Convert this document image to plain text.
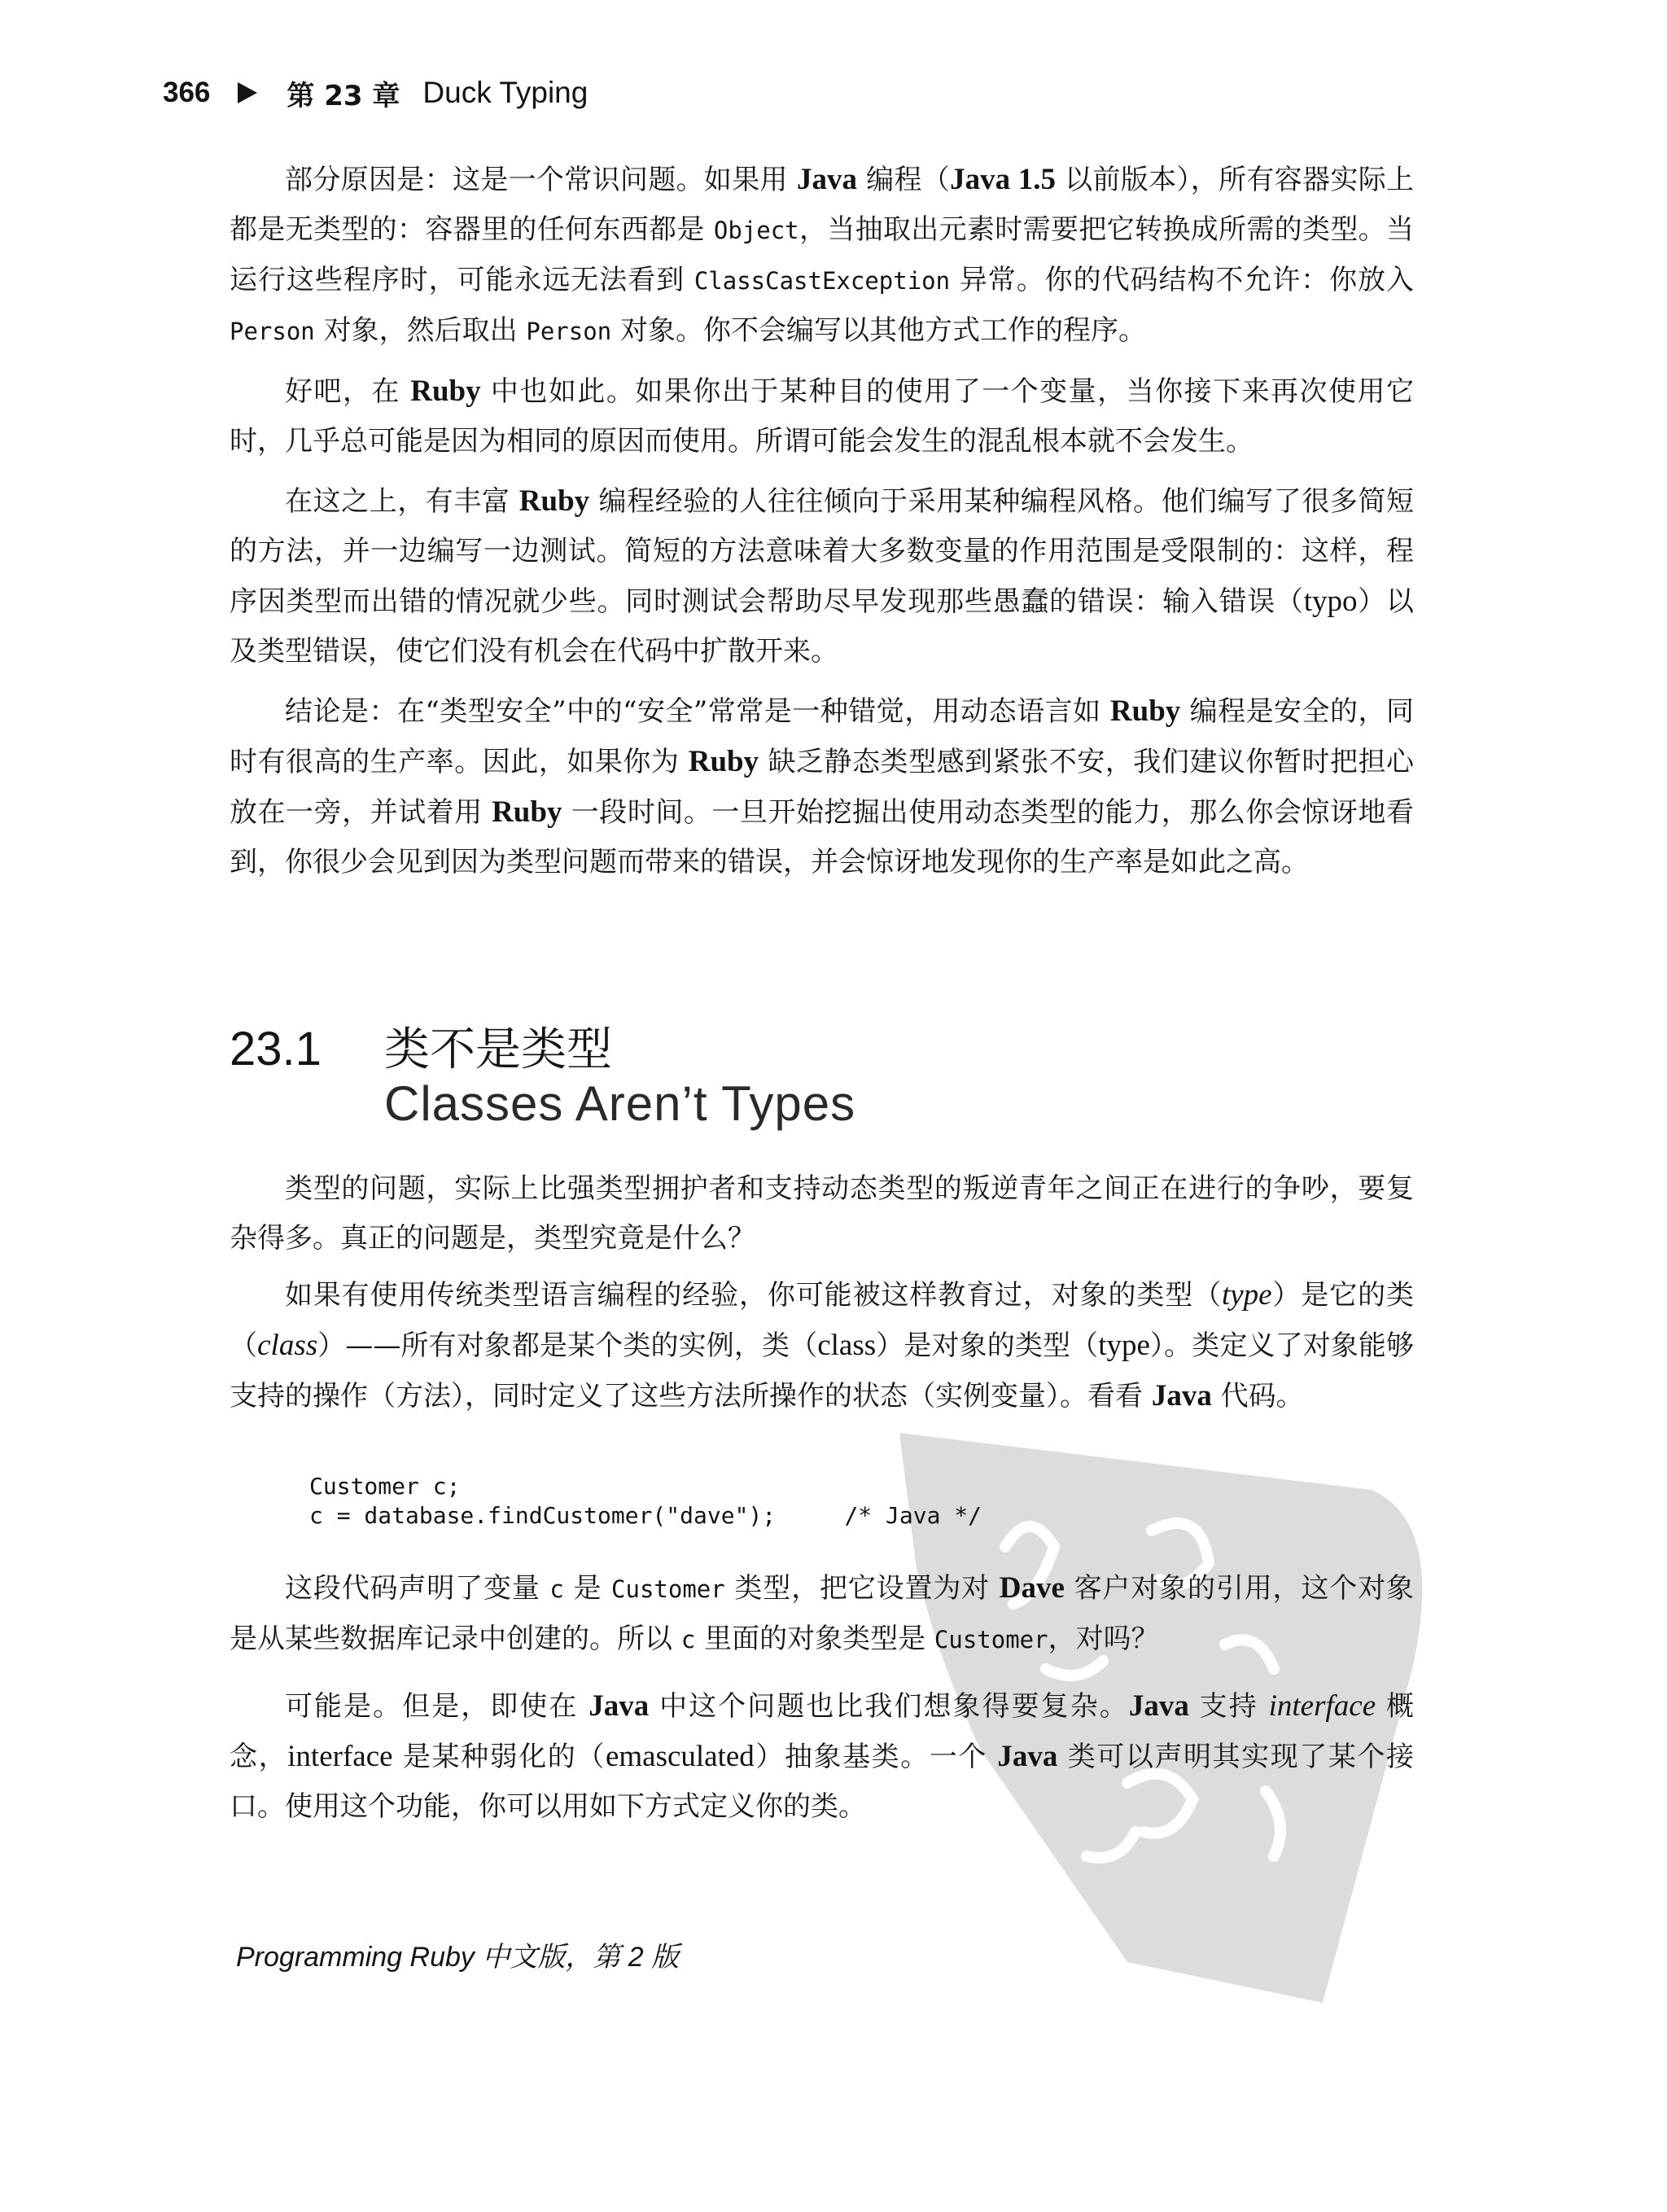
366	第 23 章 Duck Typing

部分原因是：这是一个常识问题。如果用 Java 编程（Java 1.5 以前版本），所有容器实际上都是无类型的：容器里的任何东西都是 Object，当抽取出元素时需要把它转换成所需的类型。当运行这些程序时，可能永远无法看到 ClassCastException 异常。你的代码结构不允许：你放入 Person 对象，然后取出 Person 对象。你不会编写以其他方式工作的程序。

好吧，在 Ruby 中也如此。如果你出于某种目的使用了一个变量，当你接下来再次使用它时，几乎总可能是因为相同的原因而使用。所谓可能会发生的混乱根本就不会发生。

在这之上，有丰富 Ruby 编程经验的人往往倾向于采用某种编程风格。他们编写了很多简短的方法，并一边编写一边测试。简短的方法意味着大多数变量的作用范围是受限制的：这样，程序因类型而出错的情况就少些。同时测试会帮助尽早发现那些愚蠢的错误：输入错误（typo）以及类型错误，使它们没有机会在代码中扩散开来。

结论是：在“类型安全”中的“安全”常常是一种错觉，用动态语言如 Ruby 编程是安全的，同时有很高的生产率。因此，如果你为 Ruby 缺乏静态类型感到紧张不安，我们建议你暂时把担心放在一旁，并试着用 Ruby 一段时间。一旦开始挖掘出使用动态类型的能力，那么你会惊讶地看到，你很少会见到因为类型问题而带来的错误，并会惊讶地发现你的生产率是如此之高。

23.1	类不是类型
Classes Aren’t Types

类型的问题，实际上比强类型拥护者和支持动态类型的叛逆青年之间正在进行的争吵，要复杂得多。真正的问题是，类型究竟是什么？

如果有使用传统类型语言编程的经验，你可能被这样教育过，对象的类型（type）是它的类（class）——所有对象都是某个类的实例，类（class）是对象的类型（type）。类定义了对象能够支持的操作（方法），同时定义了这些方法所操作的状态（实例变量）。看看 Java 代码。

Customer c;
c = database.findCustomer("dave");     /* Java */

这段代码声明了变量 c 是 Customer 类型，把它设置为对 Dave 客户对象的引用，这个对象是从某些数据库记录中创建的。所以 c 里面的对象类型是 Customer，对吗？

可能是。但是，即使在 Java 中这个问题也比我们想象得要复杂。Java 支持 interface 概念，interface 是某种弱化的（emasculated）抽象基类。一个 Java 类可以声明其实现了某个接口。使用这个功能，你可以用如下方式定义你的类。

Programming Ruby 中文版，第 2 版
